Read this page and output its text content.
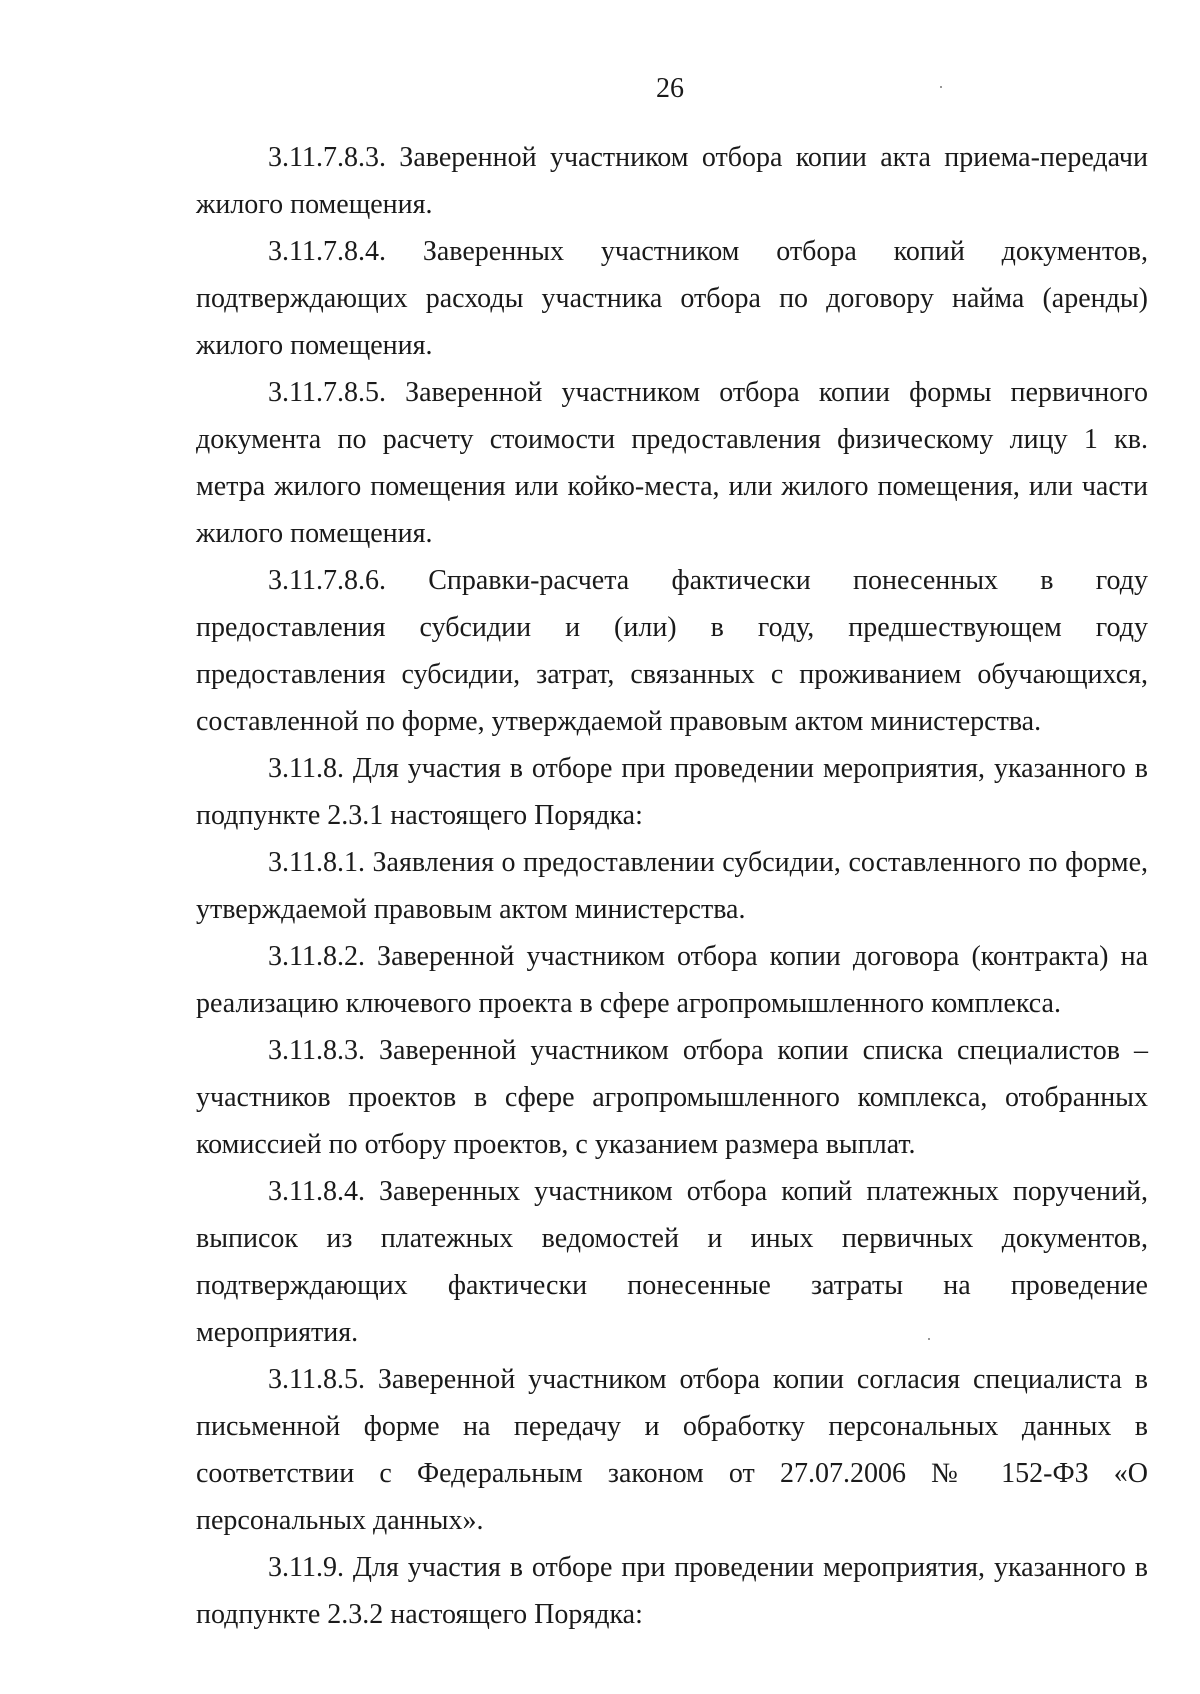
26

3.11.7.8.3. Заверенной участником отбора копии акта приема-передачи жилого помещения.

3.11.7.8.4. Заверенных участником отбора копий документов, подтверждающих расходы участника отбора по договору найма (аренды) жилого помещения.

3.11.7.8.5. Заверенной участником отбора копии формы первичного документа по расчету стоимости предоставления физическому лицу 1 кв. метра жилого помещения или койко-места, или жилого помещения, или части жилого помещения.

3.11.7.8.6. Справки-расчета фактически понесенных в году предоставления субсидии и (или) в году, предшествующем году предоставления субсидии, затрат, связанных с проживанием обучающихся, составленной по форме, утверждаемой правовым актом министерства.

3.11.8. Для участия в отборе при проведении мероприятия, указанного в подпункте 2.3.1 настоящего Порядка:

3.11.8.1. Заявления о предоставлении субсидии, составленного по форме, утверждаемой правовым актом министерства.

3.11.8.2. Заверенной участником отбора копии договора (контракта) на реализацию ключевого проекта в сфере агропромышленного комплекса.

3.11.8.3. Заверенной участником отбора копии списка специалистов – участников проектов в сфере агропромышленного комплекса, отобранных комиссией по отбору проектов, с указанием размера выплат.

3.11.8.4. Заверенных участником отбора копий платежных поручений, выписок из платежных ведомостей и иных первичных документов, подтверждающих фактически понесенные затраты на проведение мероприятия.

3.11.8.5. Заверенной участником отбора копии согласия специалиста в письменной форме на передачу и обработку персональных данных в соответствии с Федеральным законом от 27.07.2006 № 152-ФЗ «О персональных данных».

3.11.9. Для участия в отборе при проведении мероприятия, указанного в подпункте 2.3.2 настоящего Порядка:
